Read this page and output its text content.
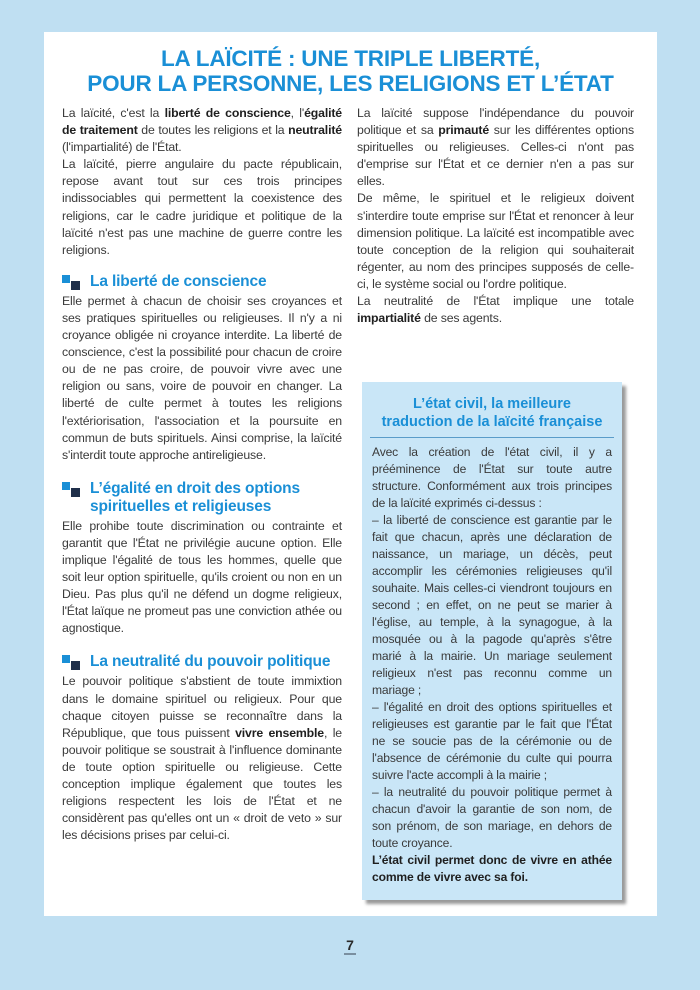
LA LAÏCITÉ : UNE TRIPLE LIBERTÉ,
POUR LA PERSONNE, LES RELIGIONS ET L’ÉTAT

La laïcité, c'est la liberté de conscience, l'égalité de traitement de toutes les religions et la neutralité (l'impartialité) de l'État.

La laïcité, pierre angulaire du pacte républicain, repose avant tout sur ces trois principes indissociables qui permettent la coexistence des religions, car le cadre juridique et politique de la laïcité n'est pas une machine de guerre contre les religions.

La liberté de conscience

Elle permet à chacun de choisir ses croyances et ses pratiques spirituelles ou religieuses. Il n'y a ni croyance obligée ni croyance interdite. La liberté de conscience, c'est la possibilité pour chacun de croire ou de ne pas croire, de pouvoir vivre avec une religion ou sans, voire de pouvoir en changer. La liberté de culte permet à toutes les religions l'extériorisation, l'association et la poursuite en commun de buts spirituels. Ainsi comprise, la laïcité s'interdit toute approche antireligieuse.

L’égalité en droit des options spirituelles et religieuses

Elle prohibe toute discrimination ou contrainte et garantit que l'État ne privilégie aucune option. Elle implique l'égalité de tous les hommes, quelle que soit leur option spirituelle, qu'ils croient ou non en un Dieu. Pas plus qu'il ne défend un dogme religieux, l'État laïque ne promeut pas une conviction athée ou agnostique.

La neutralité du pouvoir politique

Le pouvoir politique s'abstient de toute immixtion dans le domaine spirituel ou religieux. Pour que chaque citoyen puisse se reconnaître dans la République, que tous puissent vivre ensemble, le pouvoir politique se soustrait à l'influence dominante de toute option spirituelle ou religieuse. Cette conception implique également que toutes les religions respectent les lois de l'État et ne considèrent pas qu'elles ont un « droit de veto » sur les décisions prises par celui-ci.

La laïcité suppose l'indépendance du pouvoir politique et sa primauté sur les différentes options spirituelles ou religieuses. Celles-ci n'ont pas d'emprise sur l'État et ce dernier n'en a pas sur elles.

De même, le spirituel et le religieux doivent s'interdire toute emprise sur l'État et renoncer à leur dimension politique. La laïcité est incompatible avec toute conception de la religion qui souhaiterait régenter, au nom des principes supposés de celle-ci, le système social ou l'ordre politique.

La neutralité de l'État implique une totale impartialité de ses agents.

L’état civil, la meilleure
traduction de la laïcité française

Avec la création de l'état civil, il y a prééminence de l'État sur toute autre structure. Conformément aux trois principes de la laïcité exprimés ci-dessus :

– la liberté de conscience est garantie par le fait que chacun, après une déclaration de naissance, un mariage, un décès, peut accomplir les cérémonies religieuses qu'il souhaite. Mais celles-ci viendront toujours en second ; en effet, on ne peut se marier à l'église, au temple, à la synagogue, à la mosquée ou à la pagode qu'après s'être marié à la mairie. Un mariage seulement religieux n'est pas reconnu comme un mariage ;

– l'égalité en droit des options spirituelles et religieuses est garantie par le fait que l'État ne se soucie pas de la cérémonie ou de l'absence de cérémonie du culte qui pourra suivre l'acte accompli à la mairie ;

– la neutralité du pouvoir politique permet à chacun d'avoir la garantie de son nom, de son prénom, de son mariage, en dehors de toute croyance.

L’état civil permet donc de vivre en athée comme de vivre avec sa foi.

7
